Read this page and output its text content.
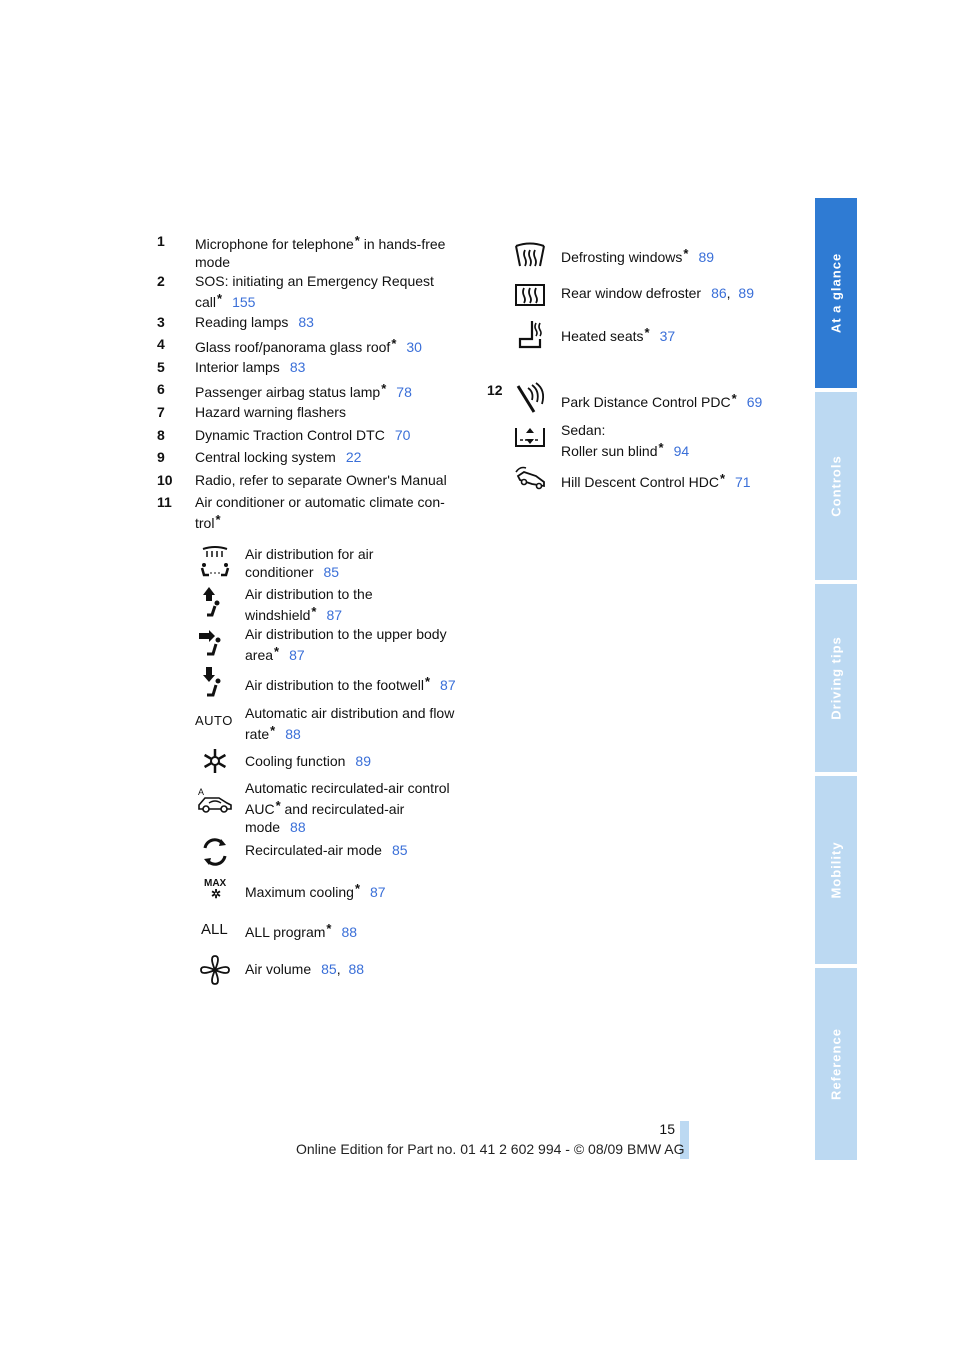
At a glance
Controls
Driving tips
Mobility
Reference
1	Microphone for telephone* in hands-free mode
2	SOS: initiating an Emergency Request call* 155
3	Reading lamps 83
4	Glass roof/panorama glass roof* 30
5	Interior lamps 83
6	Passenger airbag status lamp* 78
7	Hazard warning flashers
8	Dynamic Traction Control DTC 70
9	Central locking system 22
10	Radio, refer to separate Owner's Manual
11	Air conditioner or automatic climate con-trol*
Air distribution for air
conditioner 85
Air distribution to the
windshield* 87
Air distribution to the upper body
area* 87
Air distribution to the footwell* 87
AUTO Automatic air distribution and flow
rate* 88
Cooling function 89
A	Automatic recirculated-air control
AUC* and recirculated-air
mode 88
Recirculated-air mode 85
MAX
✲	Maximum cooling* 87
ALL	ALL program* 88
Air volume 85, 88
Defrosting windows* 89
Rear window defroster 86, 89
Heated seats* 37
12
Park Distance Control PDC* 69
Sedan:
Roller sun blind* 94
Hill Descent Control HDC* 71
15
Online Edition for Part no. 01 41 2 602 994 - © 08/09 BMW AG
